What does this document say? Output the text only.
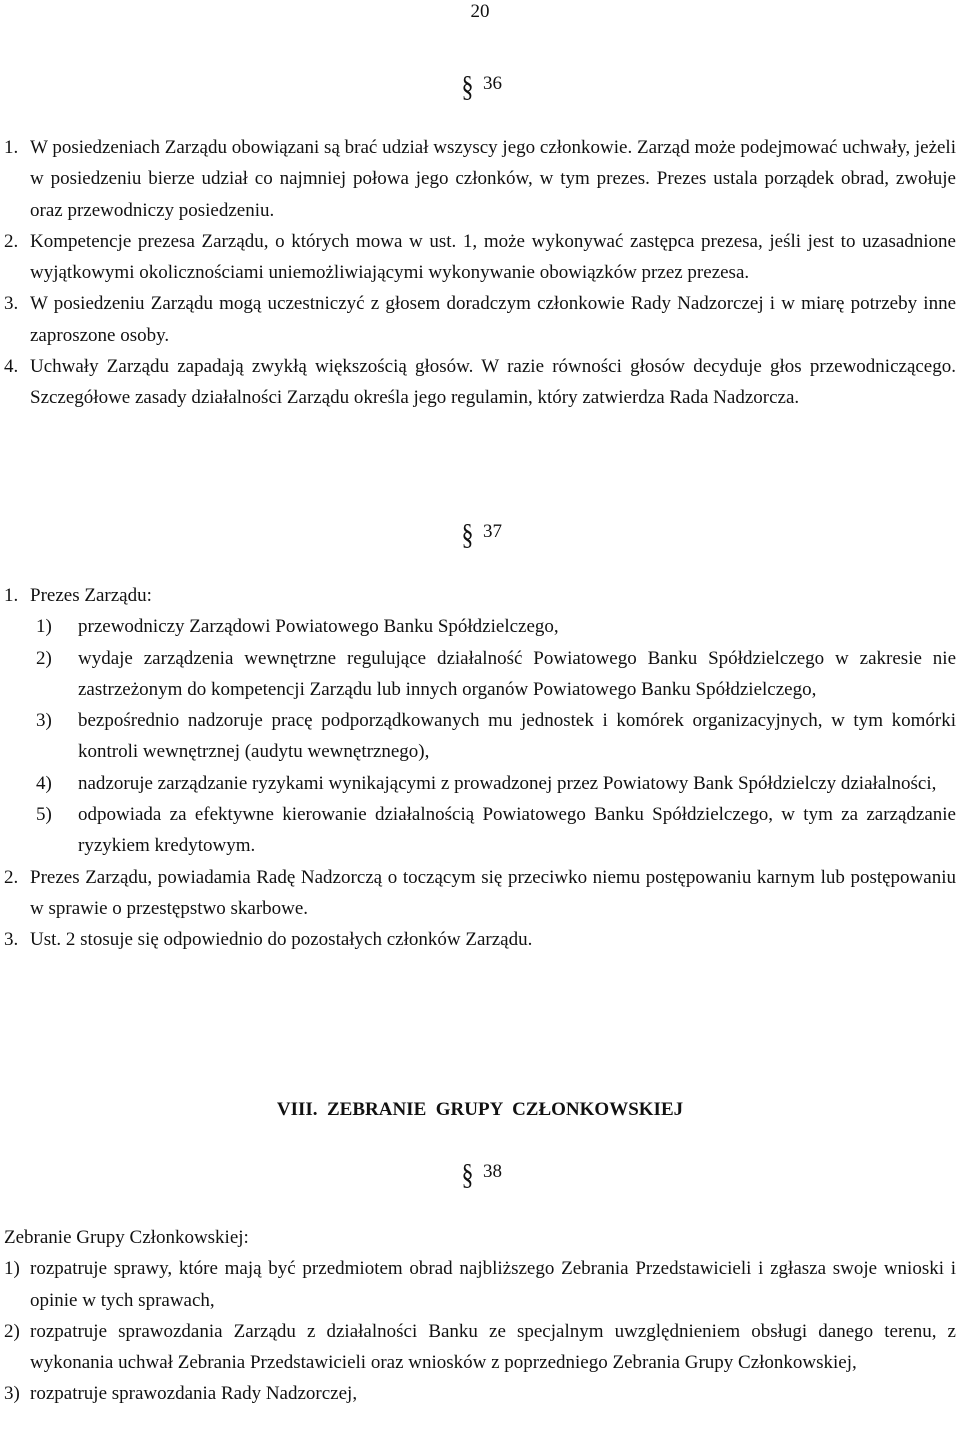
20
§ 36
1. W posiedzeniach Zarządu obowiązani są brać udział wszyscy jego członkowie. Zarząd może podejmować uchwały, jeżeli w posiedzeniu bierze udział co najmniej połowa jego członków, w tym prezes. Prezes ustala porządek obrad, zwołuje oraz przewodniczy posiedzeniu.
2. Kompetencje prezesa Zarządu, o których mowa w ust. 1, może wykonywać zastępca prezesa, jeśli jest to uzasadnione wyjątkowymi okolicznościami uniemożliwiającymi wykonywanie obowiązków przez prezesa.
3. W posiedzeniu Zarządu mogą uczestniczyć z głosem doradczym członkowie Rady Nadzorczej i w miarę potrzeby inne zaproszone osoby.
4. Uchwały Zarządu zapadają zwykłą większością głosów. W razie równości głosów decyduje głos przewodniczącego. Szczegółowe zasady działalności Zarządu określa jego regulamin, który zatwierdza Rada Nadzorcza.
§ 37
1. Prezes Zarządu:
1)	przewodniczy Zarządowi Powiatowego Banku Spółdzielczego,
2)	wydaje zarządzenia wewnętrzne regulujące działalność Powiatowego Banku Spółdzielczego w zakresie nie zastrzeżonym do kompetencji Zarządu lub innych organów Powiatowego Banku Spółdzielczego,
3)	bezpośrednio nadzoruje pracę podporządkowanych mu jednostek i komórek organizacyjnych, w tym komórki kontroli wewnętrznej (audytu wewnętrznego),
4)	nadzoruje zarządzanie ryzykami wynikającymi z prowadzonej przez Powiatowy Bank Spółdzielczy działalności,
5)	odpowiada za efektywne kierowanie działalnością Powiatowego Banku Spółdzielczego, w tym za zarządzanie ryzykiem kredytowym.
2. Prezes Zarządu, powiadamia Radę Nadzorczą o toczącym się przeciwko niemu postępowaniu karnym lub postępowaniu w sprawie o przestępstwo skarbowe.
3. Ust. 2 stosuje się odpowiednio do pozostałych członków Zarządu.
VIII.  ZEBRANIE  GRUPY  CZŁONKOWSKIEJ
§ 38
Zebranie Grupy Członkowskiej:
1) rozpatruje sprawy, które mają być przedmiotem obrad najbliższego Zebrania Przedstawicieli i zgłasza swoje wnioski i opinie w tych sprawach,
2) rozpatruje sprawozdania Zarządu z działalności Banku ze specjalnym uwzględnieniem obsługi danego terenu, z wykonania uchwał Zebrania Przedstawicieli oraz wniosków z poprzedniego Zebrania Grupy Członkowskiej,
3) rozpatruje sprawozdania Rady Nadzorczej,
